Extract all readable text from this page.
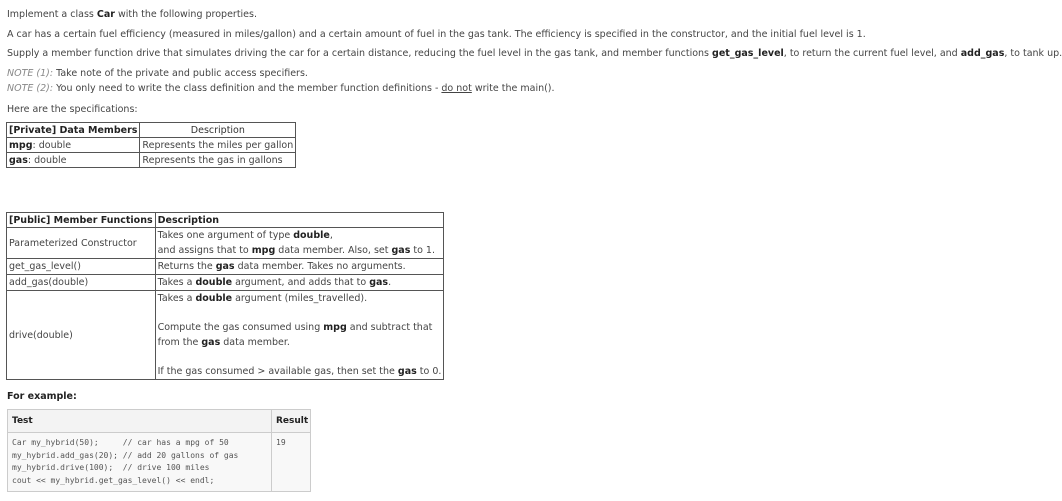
Implement a class Car with the following properties.
A car has a certain fuel efficiency (measured in miles/gallon) and a certain amount of fuel in the gas tank. The efficiency is specified in the constructor, and the initial fuel level is 1.
Supply a member function drive that simulates driving the car for a certain distance, reducing the fuel level in the gas tank, and member functions get_gas_level, to return the current fuel level, and add_gas, to tank up.
NOTE (1): Take note of the private and public access specifiers.
NOTE (2): You only need to write the class definition and the member function definitions - do not write the main().
Here are the specifications:
[Private] Data Members	Description
mpg: double	Represents the miles per gallon
gas: double	Represents the gas in gallons
[Public] Member Functions	Description
Parameterized Constructor	Takes one argument of type double,
and assigns that to mpg data member. Also, set gas to 1.

get_gas_level()	Returns the gas data member. Takes no arguments.
add_gas(double)	Takes a double argument, and adds that to gas.
drive(double)	Takes a double argument (miles_travelled).
Compute the gas consumed using mpg and subtract that
from the gas data member.
If the gas consumed > available gas, then set the gas to 0.
For example:
Test	Result

Car my_hybrid(50);     // car has a mpg of 50
my_hybrid.add_gas(20); // add 20 gallons of gas
my_hybrid.drive(100);  // drive 100 miles
cout << my_hybrid.get_gas_level() << endl;	19
